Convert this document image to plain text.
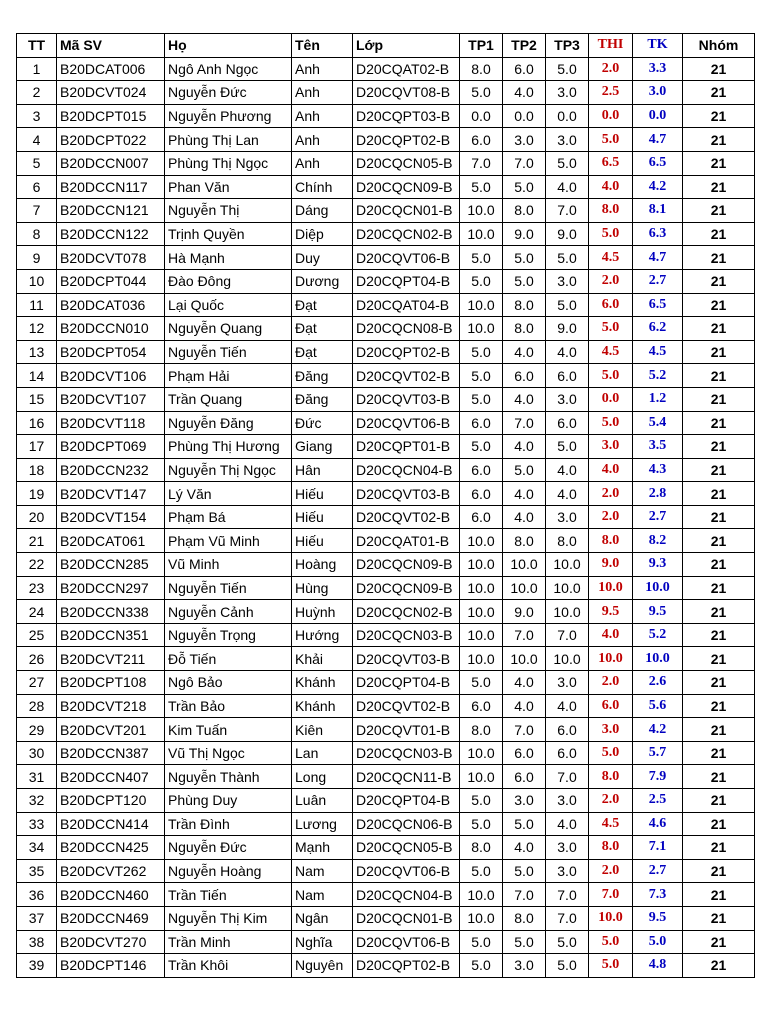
TT	Mã SV	Họ	Tên	Lớp	TP1	TP2	TP3	THI	TK	Nhóm
1	B20DCAT006	Ngô Anh Ngọc	Anh	D20CQAT02-B	8.0	6.0	5.0	2.0	3.3	21
2	B20DCVT024	Nguyễn Đức	Anh	D20CQVT08-B	5.0	4.0	3.0	2.5	3.0	21
3	B20DCPT015	Nguyễn Phương	Anh	D20CQPT03-B	0.0	0.0	0.0	0.0	0.0	21
4	B20DCPT022	Phùng Thị Lan	Anh	D20CQPT02-B	6.0	3.0	3.0	5.0	4.7	21
5	B20DCCN007	Phùng Thị Ngọc	Anh	D20CQCN05-B	7.0	7.0	5.0	6.5	6.5	21
6	B20DCCN117	Phan Văn	Chính	D20CQCN09-B	5.0	5.0	4.0	4.0	4.2	21
7	B20DCCN121	Nguyễn Thị	Dáng	D20CQCN01-B	10.0	8.0	7.0	8.0	8.1	21
8	B20DCCN122	Trịnh Quyền	Diệp	D20CQCN02-B	10.0	9.0	9.0	5.0	6.3	21
9	B20DCVT078	Hà Mạnh	Duy	D20CQVT06-B	5.0	5.0	5.0	4.5	4.7	21
10	B20DCPT044	Đào Đông	Dương	D20CQPT04-B	5.0	5.0	3.0	2.0	2.7	21
11	B20DCAT036	Lại Quốc	Đạt	D20CQAT04-B	10.0	8.0	5.0	6.0	6.5	21
12	B20DCCN010	Nguyễn Quang	Đạt	D20CQCN08-B	10.0	8.0	9.0	5.0	6.2	21
13	B20DCPT054	Nguyễn Tiến	Đạt	D20CQPT02-B	5.0	4.0	4.0	4.5	4.5	21
14	B20DCVT106	Phạm Hải	Đăng	D20CQVT02-B	5.0	6.0	6.0	5.0	5.2	21
15	B20DCVT107	Trần Quang	Đăng	D20CQVT03-B	5.0	4.0	3.0	0.0	1.2	21
16	B20DCVT118	Nguyễn Đăng	Đức	D20CQVT06-B	6.0	7.0	6.0	5.0	5.4	21
17	B20DCPT069	Phùng Thị Hương	Giang	D20CQPT01-B	5.0	4.0	5.0	3.0	3.5	21
18	B20DCCN232	Nguyễn Thị Ngọc	Hân	D20CQCN04-B	6.0	5.0	4.0	4.0	4.3	21
19	B20DCVT147	Lý Văn	Hiếu	D20CQVT03-B	6.0	4.0	4.0	2.0	2.8	21
20	B20DCVT154	Phạm Bá	Hiếu	D20CQVT02-B	6.0	4.0	3.0	2.0	2.7	21
21	B20DCAT061	Phạm Vũ Minh	Hiếu	D20CQAT01-B	10.0	8.0	8.0	8.0	8.2	21
22	B20DCCN285	Vũ Minh	Hoàng	D20CQCN09-B	10.0	10.0	10.0	9.0	9.3	21
23	B20DCCN297	Nguyễn Tiến	Hùng	D20CQCN09-B	10.0	10.0	10.0	10.0	10.0	21
24	B20DCCN338	Nguyễn Cảnh	Huỳnh	D20CQCN02-B	10.0	9.0	10.0	9.5	9.5	21
25	B20DCCN351	Nguyễn Trọng	Hướng	D20CQCN03-B	10.0	7.0	7.0	4.0	5.2	21
26	B20DCVT211	Đỗ Tiến	Khải	D20CQVT03-B	10.0	10.0	10.0	10.0	10.0	21
27	B20DCPT108	Ngô Bảo	Khánh	D20CQPT04-B	5.0	4.0	3.0	2.0	2.6	21
28	B20DCVT218	Trần Bảo	Khánh	D20CQVT02-B	6.0	4.0	4.0	6.0	5.6	21
29	B20DCVT201	Kim Tuấn	Kiên	D20CQVT01-B	8.0	7.0	6.0	3.0	4.2	21
30	B20DCCN387	Vũ Thị Ngọc	Lan	D20CQCN03-B	10.0	6.0	6.0	5.0	5.7	21
31	B20DCCN407	Nguyễn Thành	Long	D20CQCN11-B	10.0	6.0	7.0	8.0	7.9	21
32	B20DCPT120	Phùng Duy	Luân	D20CQPT04-B	5.0	3.0	3.0	2.0	2.5	21
33	B20DCCN414	Trần Đình	Lương	D20CQCN06-B	5.0	5.0	4.0	4.5	4.6	21
34	B20DCCN425	Nguyễn Đức	Mạnh	D20CQCN05-B	8.0	4.0	3.0	8.0	7.1	21
35	B20DCVT262	Nguyễn Hoàng	Nam	D20CQVT06-B	5.0	5.0	3.0	2.0	2.7	21
36	B20DCCN460	Trần Tiến	Nam	D20CQCN04-B	10.0	7.0	7.0	7.0	7.3	21
37	B20DCCN469	Nguyễn Thị Kim	Ngân	D20CQCN01-B	10.0	8.0	7.0	10.0	9.5	21
38	B20DCVT270	Trần Minh	Nghĩa	D20CQVT06-B	5.0	5.0	5.0	5.0	5.0	21
39	B20DCPT146	Trần Khôi	Nguyên	D20CQPT02-B	5.0	3.0	5.0	5.0	4.8	21
